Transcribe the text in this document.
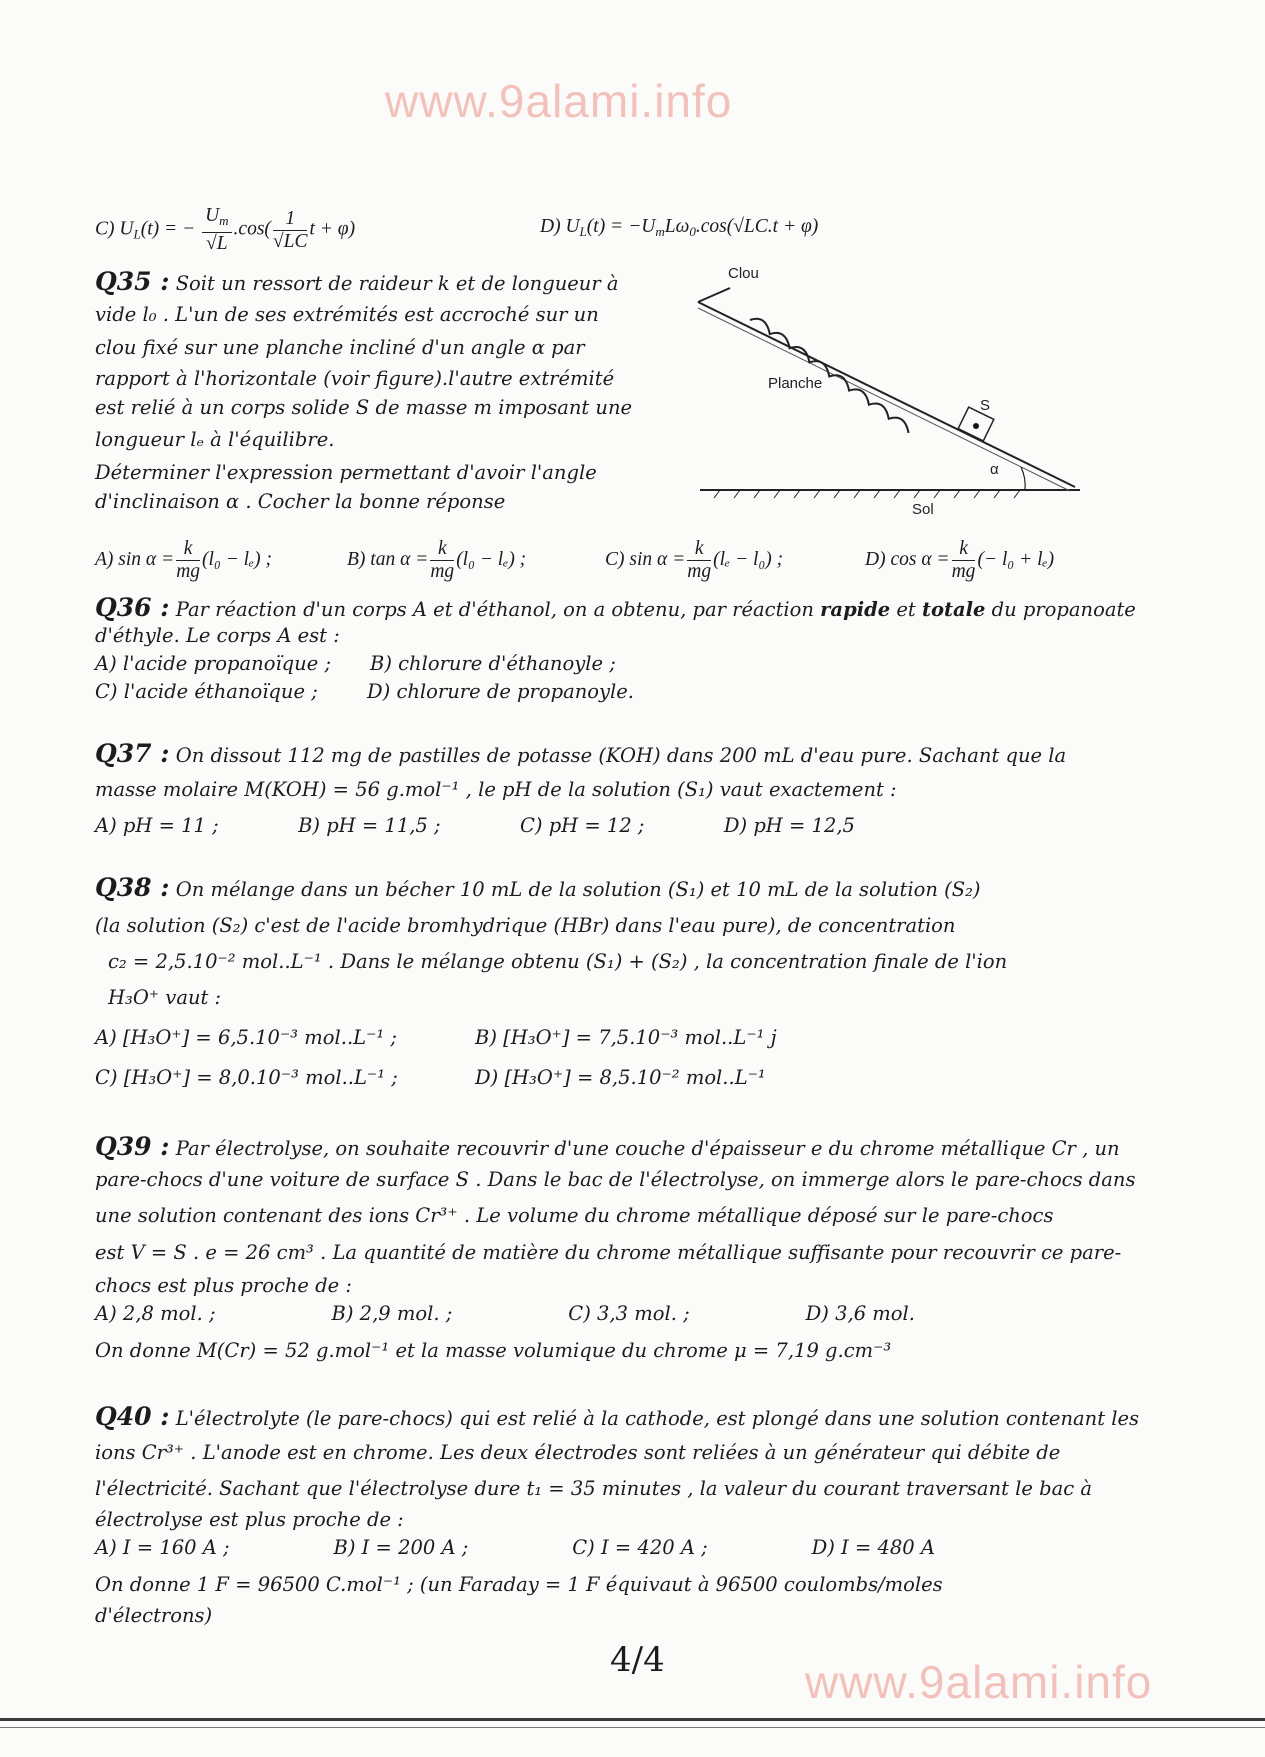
www.9alami.info
C) $U_L(t)$ = − $\frac{U_m}{√L} .\cos( \frac{1}{√LC}$ t + φ)	D) $U_L(t) = -U_mL\omega_0.\cos(√LC.t + \varphi)$
Q35 : Soit un ressort de raideur k et de longueur à
vide l₀ . L'un de ses extrémités est accroché sur un
clou fixé sur une planche incliné d'un angle α par
rapport à l'horizontale (voir figure).l'autre extrémité
est relié à un corps solide S de masse m imposant une
longueur lₑ à l'équilibre.
Déterminer l'expression permettant d'avoir l'angle
d'inclinaison α . Cocher la bonne réponse
Clou
Planche
S
α
Sol
A) $\sin \alpha = \frac{k}{mg} (l_0 - l_e)$ ;	B) $\tan \alpha = \frac{k}{mg} (l_0 - l_e)$ ;	C) $\sin \alpha = \frac{k}{mg} (l_e - l_0)$ ;	D) $\cos \alpha = \frac{k}{mg}$ (− l₀ + lₑ)
Q36 : Par réaction d'un corps A et d'éthanol, on a obtenu, par réaction rapide et totale du propanoate
d'éthyle. Le corps A est :
A) l'acide propanoïque ;	B) chlorure d'éthanoyle ;
C) l'acide éthanoïque ;	D) chlorure de propanoyle.
Q37 : On dissout 112 mg de pastilles de potasse (KOH) dans 200 mL d'eau pure. Sachant que la
masse molaire M(KOH) = 56 g.mol⁻¹ , le pH de la solution (S₁) vaut exactement :
A) pH = 11 ;	B) pH = 11,5 ;	C) pH = 12 ;	D) pH = 12,5
Q38 : On mélange dans un bécher 10 mL de la solution (S₁) et 10 mL de la solution (S₂)
(la solution (S₂) c'est de l'acide bromhydrique (HBr) dans l'eau pure), de concentration
c₂ = 2,5.10⁻² mol..L⁻¹ . Dans le mélange obtenu (S₁) + (S₂) , la concentration finale de l'ion
H₃O⁺ vaut :
A) [H₃O⁺] = 6,5.10⁻³ mol..L⁻¹ ;	B) [H₃O⁺] = 7,5.10⁻³ mol..L⁻¹ j
C) [H₃O⁺] = 8,0.10⁻³ mol..L⁻¹ ;	D) [H₃O⁺] = 8,5.10⁻² mol..L⁻¹
Q39 : Par électrolyse, on souhaite recouvrir d'une couche d'épaisseur e du chrome métallique Cr , un
pare-chocs d'une voiture de surface S . Dans le bac de l'électrolyse, on immerge alors le pare-chocs dans
une solution contenant des ions Cr³⁺ . Le volume du chrome métallique déposé sur le pare-chocs
est V = S . e = 26 cm³ . La quantité de matière du chrome métallique suffisante pour recouvrir ce pare-
chocs est plus proche de :
A) 2,8 mol. ;	B) 2,9 mol. ;	C) 3,3 mol. ;	D) 3,6 mol.
On donne M(Cr) = 52 g.mol⁻¹ et la masse volumique du chrome μ = 7,19 g.cm⁻³
Q40 : L'électrolyte (le pare-chocs) qui est relié à la cathode, est plongé dans une solution contenant les
ions Cr³⁺ . L'anode est en chrome. Les deux électrodes sont reliées à un générateur qui débite de
l'électricité. Sachant que l'électrolyse dure t₁ = 35 minutes , la valeur du courant traversant le bac à
électrolyse est plus proche de :
A) I = 160 A ;	B) I = 200 A ;	C) I = 420 A ;	D) I = 480 A
On donne 1 F = 96500 C.mol⁻¹ ; (un Faraday = 1 F équivaut à 96500 coulombs/moles
d'électrons)
4/4	www.9alami.info
